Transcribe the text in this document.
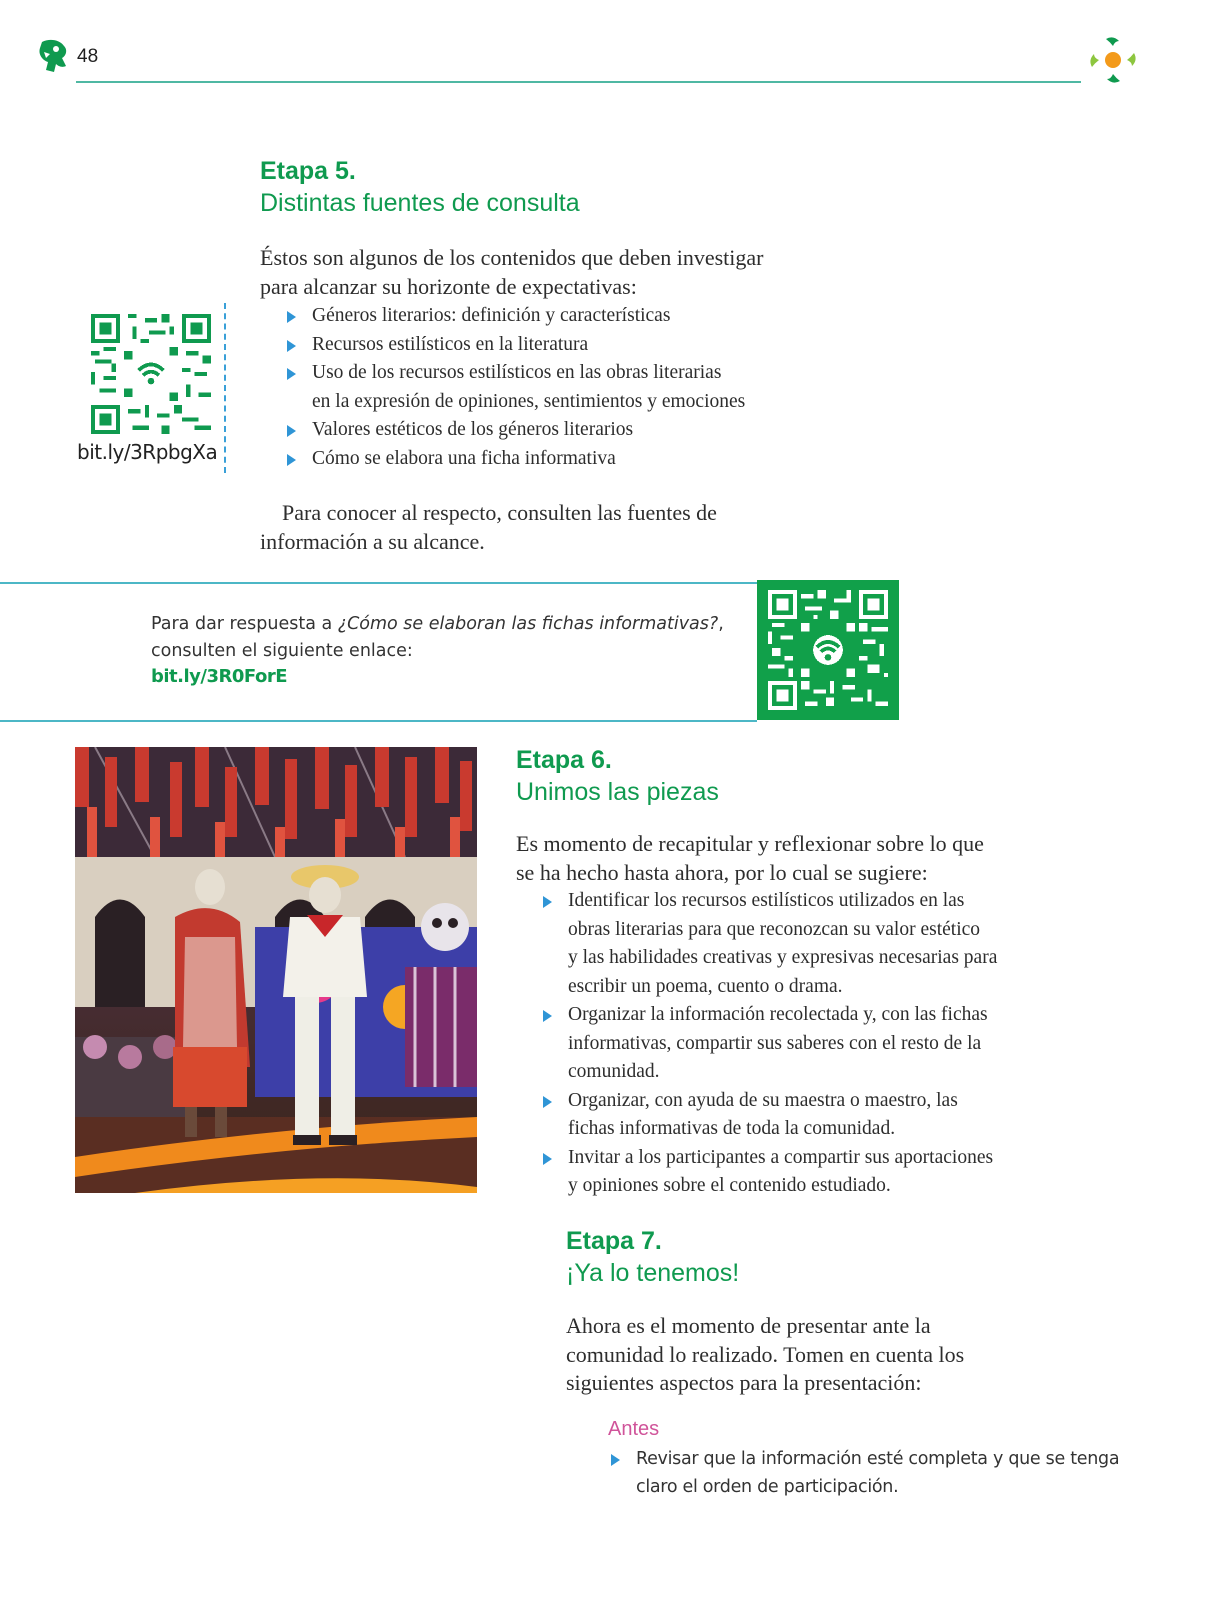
48
Etapa 5.
Distintas fuentes de consulta
Éstos son algunos de los contenidos que deben investigar
para alcanzar su horizonte de expectativas:
Géneros literarios: definición y características
Recursos estilísticos en la literatura
Uso de los recursos estilísticos en las obras literarias
en la expresión de opiniones, sentimientos y emociones
Valores estéticos de los géneros literarios
Cómo se elabora una ficha informativa
Para conocer al respecto, consulten las fuentes de
información a su alcance.
bit.ly/3RpbgXa
Para dar respuesta a ¿Cómo se elaboran las fichas informativas?,
consulten el siguiente enlace:
bit.ly/3R0ForE
Etapa 6.
Unimos las piezas
Es momento de recapitular y reflexionar sobre lo que
se ha hecho hasta ahora, por lo cual se sugiere:
Identificar los recursos estilísticos utilizados en las
obras literarias para que reconozcan su valor estético
y las habilidades creativas y expresivas necesarias para
escribir un poema, cuento o drama.
Organizar la información recolectada y, con las fichas
informativas, compartir sus saberes con el resto de la
comunidad.
Organizar, con ayuda de su maestra o maestro, las
fichas informativas de toda la comunidad.
Invitar a los participantes a compartir sus aportaciones
y opiniones sobre el contenido estudiado.
Etapa 7.
¡Ya lo tenemos!
Ahora es el momento de presentar ante la
comunidad lo realizado. Tomen en cuenta los
siguientes aspectos para la presentación:
Antes
Revisar que la información esté completa y que se tenga
claro el orden de participación.
